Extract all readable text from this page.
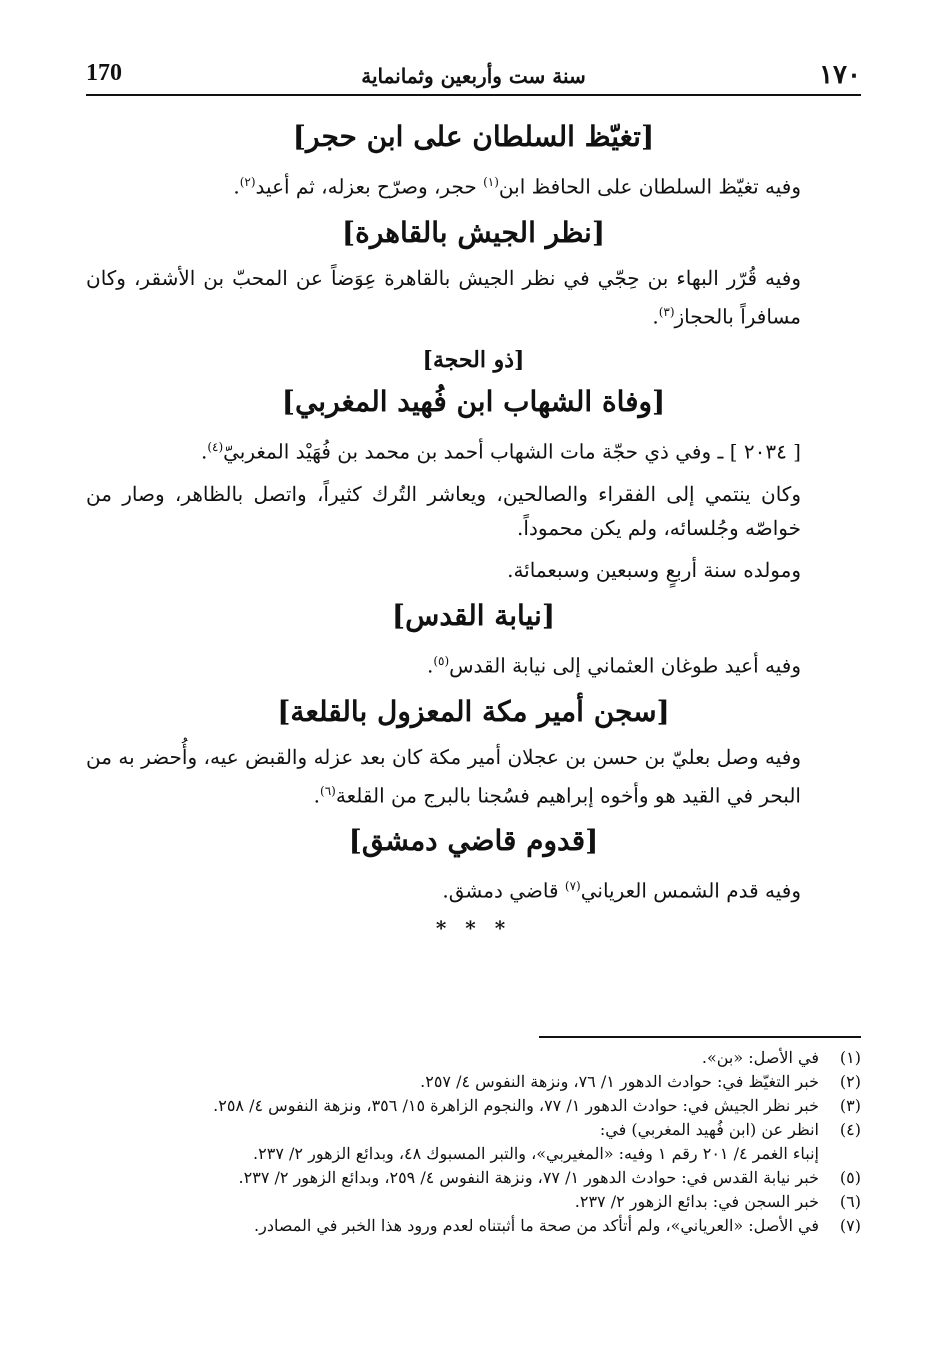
١٧٠
سنة ست وأربعين وثمانماية
170
[تغيّظ السلطان على ابن حجر]

وفيه تغيّظ السلطان على الحافظ ابن$^{(١)}$ حجر، وصرّح بعزله، ثم أعيد$^{(٢)}$.

[نظر الجيش بالقاهرة]

وفيه قُرّر البهاء بن حِجّي في نظر الجيش بالقاهرة عِوَضاً عن المحبّ بن الأشقر، وكان مسافراً بالحجاز$^{(٣)}$.

[ذو الحجة]
[وفاة الشهاب ابن فُهيد المغربي]

[ ٢٠٣٤ ] ـ وفي ذي حجّة مات الشهاب أحمد بن محمد بن فُهَيْد المغربيّ$^{(٤)}$.

وكان ينتمي إلى الفقراء والصالحين، ويعاشر التُرك كثيراً، واتصل بالظاهر، وصار من خواصّه وجُلسائه، ولم يكن محموداً.

ومولده سنة أربعٍ وسبعين وسبعمائة.

[نيابة القدس]

وفيه أعيد طوغان العثماني إلى نيابة القدس$^{(٥)}$.

[سجن أمير مكة المعزول بالقلعة]

وفيه وصل بعليّ بن حسن بن عجلان أمير مكة كان بعد عزله والقبض عيه، وأُحضر به من البحر في القيد هو وأخوه إبراهيم فسُجنا بالبرج من القلعة$^{(٦)}$.

[قدوم قاضي دمشق]

وفيه قدم الشمس العرياني$^{(٧)}$ قاضي دمشق.

* * *
(١)
في الأصل: «بن».
(٢)
خبر التغيّظ في: حوادث الدهور ١/ ٧٦، ونزهة النفوس ٤/ ٢٥٧.
(٣)
خبر نظر الجيش في: حوادث الدهور ١/ ٧٧، والنجوم الزاهرة ١٥/ ٣٥٦، ونزهة النفوس ٤/ ٢٥٨.
(٤)
انظر عن (ابن فُهيد المغربي) في:
إنباء الغمر ٤/ ٢٠١ رقم ١ وفيه: «المغيربي»، والتبر المسبوك ٤٨، وبدائع الزهور ٢/ ٢٣٧.
(٥)
خبر نيابة القدس في: حوادث الدهور ١/ ٧٧، ونزهة النفوس ٤/ ٢٥٩، وبدائع الزهور ٢/ ٢٣٧.
(٦)
خبر السجن في: بدائع الزهور ٢/ ٢٣٧.
(٧)
في الأصل: «العرياني»، ولم أتأكد من صحة ما أثبتناه لعدم ورود هذا الخبر في المصادر.
